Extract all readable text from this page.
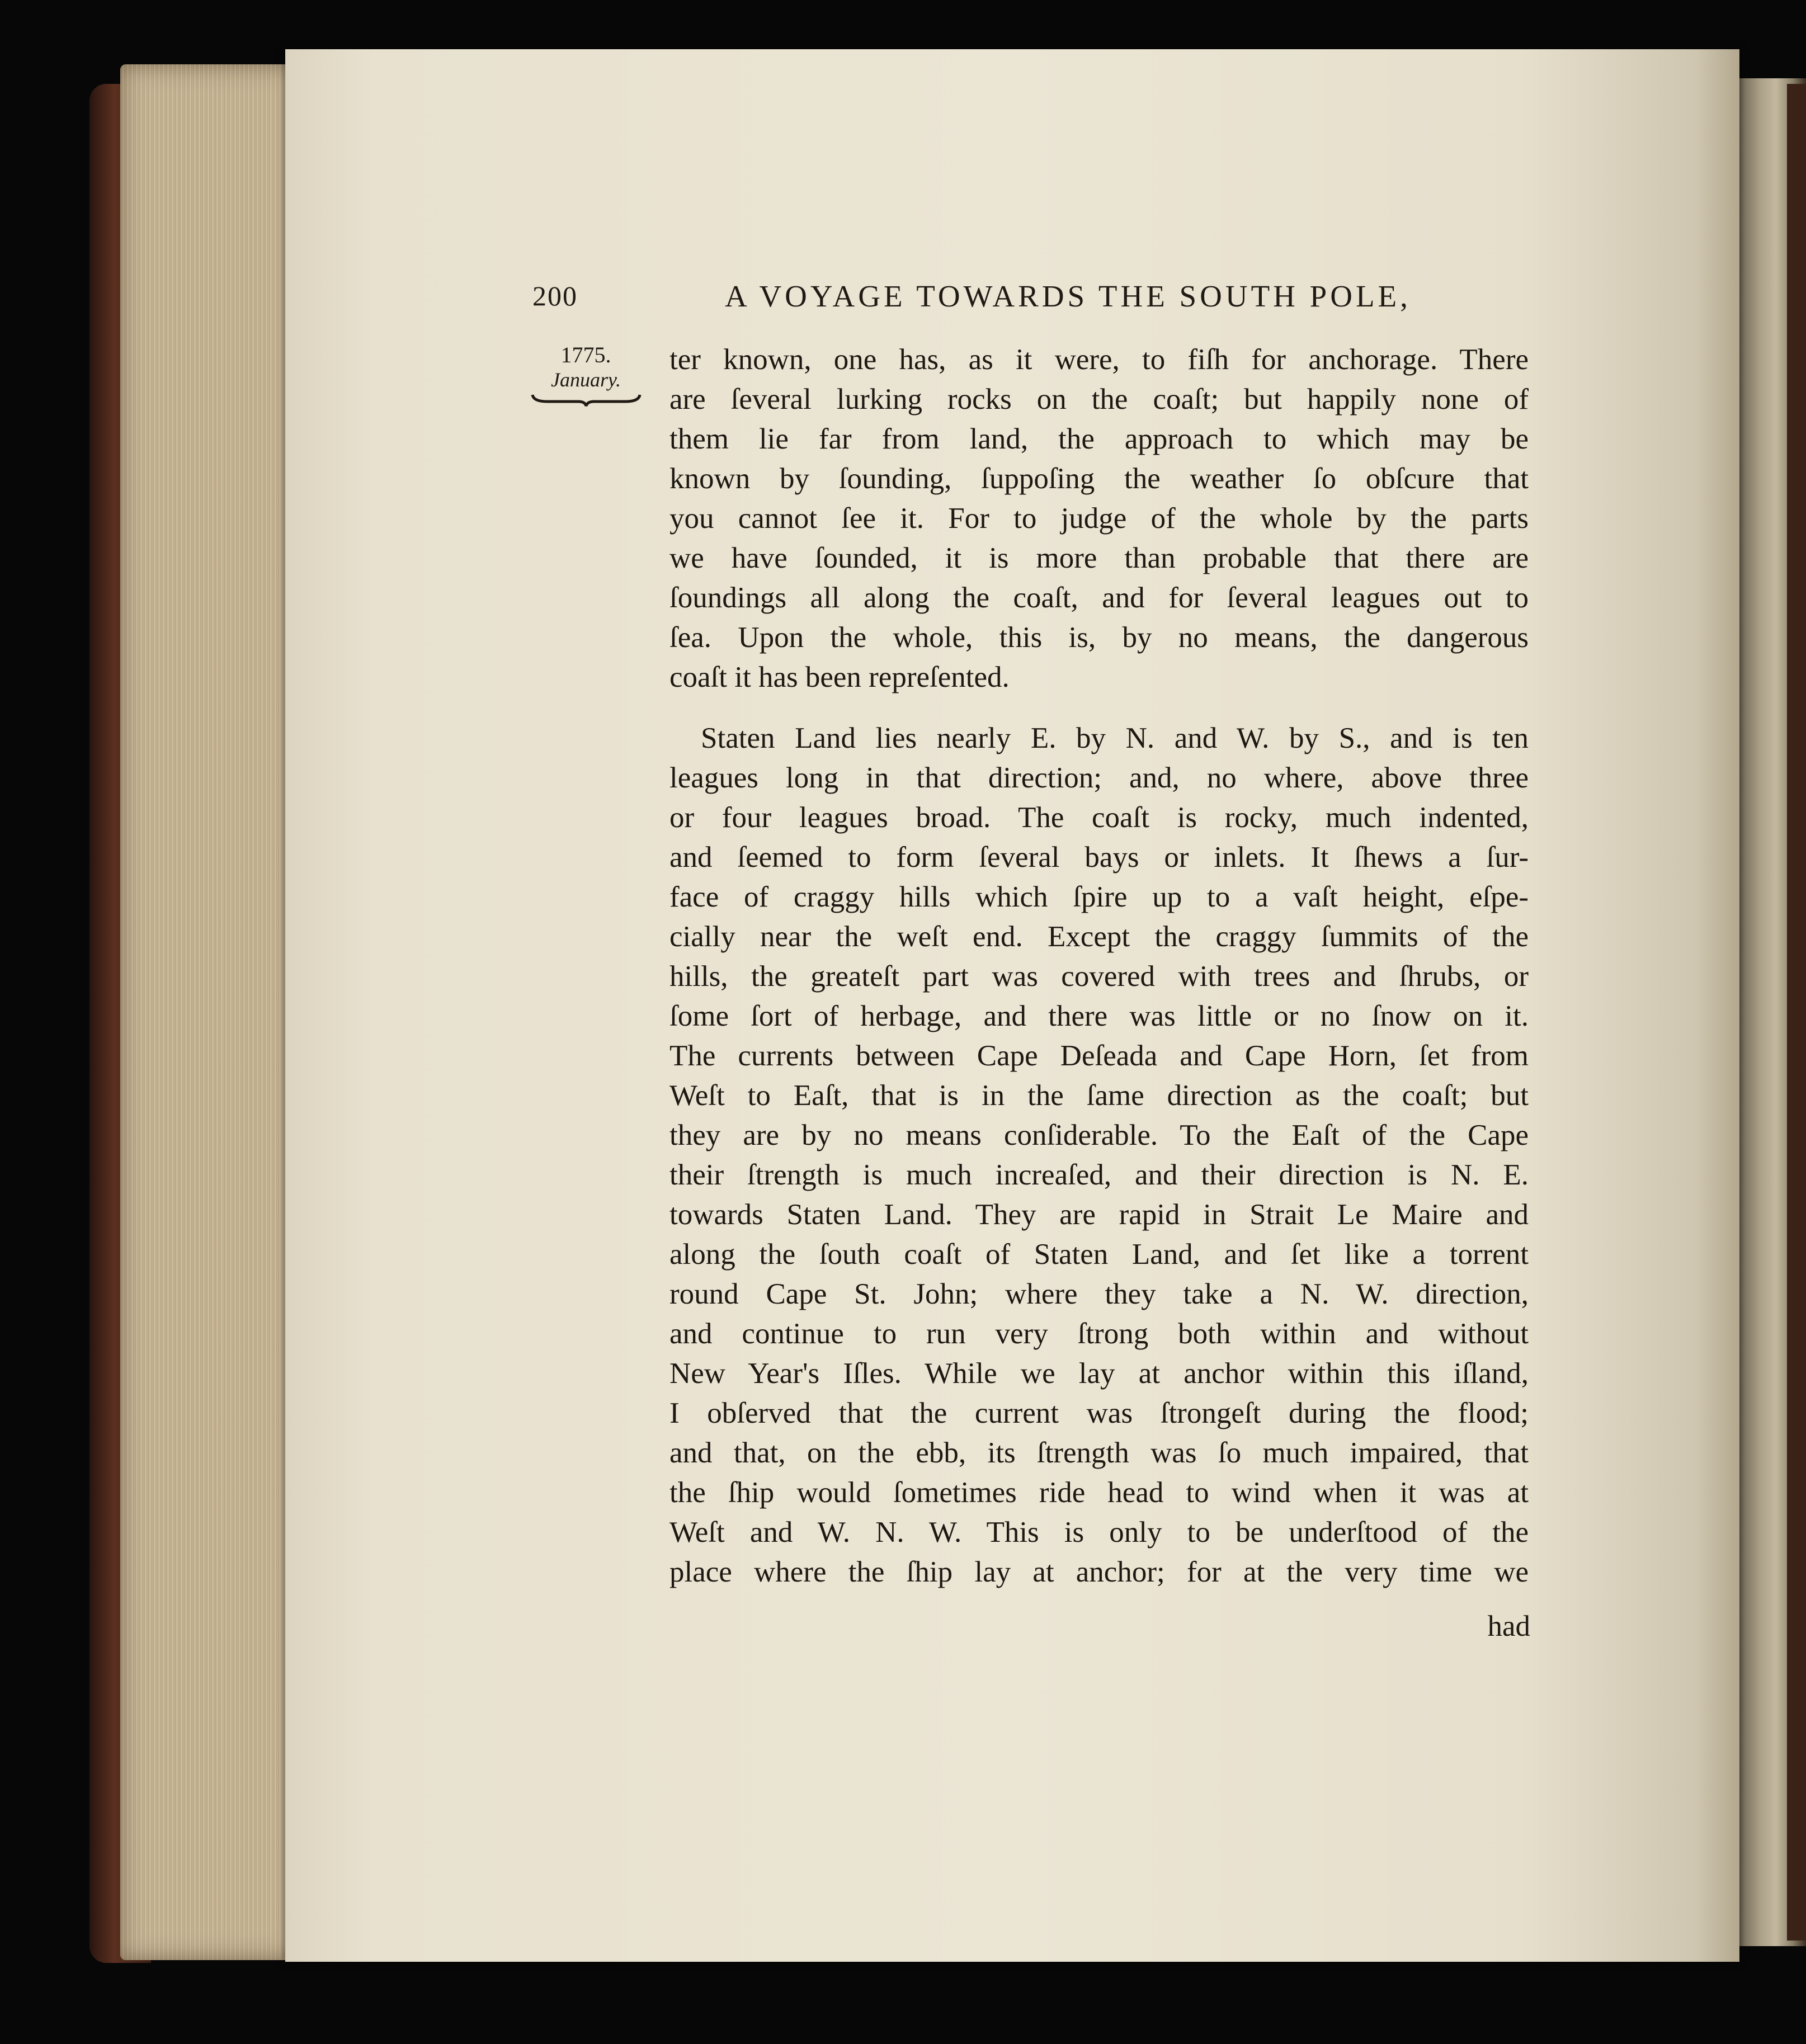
200	A VOYAGE TOWARDS THE SOUTH POLE,
1775.
January.

ter known, one has, as it were, to fiſh for anchorage. There

are ſeveral lurking rocks on the coaſt; but happily none of

them lie far from land, the approach to which may be

known by ſounding, ſuppoſing the weather ſo obſcure that

you cannot ſee it. For to judge of the whole by the parts

we have ſounded, it is more than probable that there are

ſoundings all along the coaſt, and for ſeveral leagues out to

ſea. Upon the whole, this is, by no means, the dangerous

coaſt it has been repreſented.

Staten Land lies nearly E. by N. and W. by S., and is ten

leagues long in that direction; and, no where, above three

or four leagues broad. The coaſt is rocky, much indented,

and ſeemed to form ſeveral bays or inlets. It ſhews a ſur-

face of craggy hills which ſpire up to a vaſt height, eſpe-

cially near the weſt end. Except the craggy ſummits of the

hills, the greateſt part was covered with trees and ſhrubs, or

ſome ſort of herbage, and there was little or no ſnow on it.

The currents between Cape Deſeada and Cape Horn, ſet from

Weſt to Eaſt, that is in the ſame direction as the coaſt; but

they are by no means conſiderable. To the Eaſt of the Cape

their ſtrength is much increaſed, and their direction is N. E.

towards Staten Land. They are rapid in Strait Le Maire and

along the ſouth coaſt of Staten Land, and ſet like a torrent

round Cape St. John; where they take a N. W. direction,

and continue to run very ſtrong both within and without

New Year's Iſles. While we lay at anchor within this iſland,

I obſerved that the current was ſtrongeſt during the flood;

and that, on the ebb, its ſtrength was ſo much impaired, that

the ſhip would ſometimes ride head to wind when it was at

Weſt and W. N. W. This is only to be underſtood of the

place where the ſhip lay at anchor; for at the very time we

had
